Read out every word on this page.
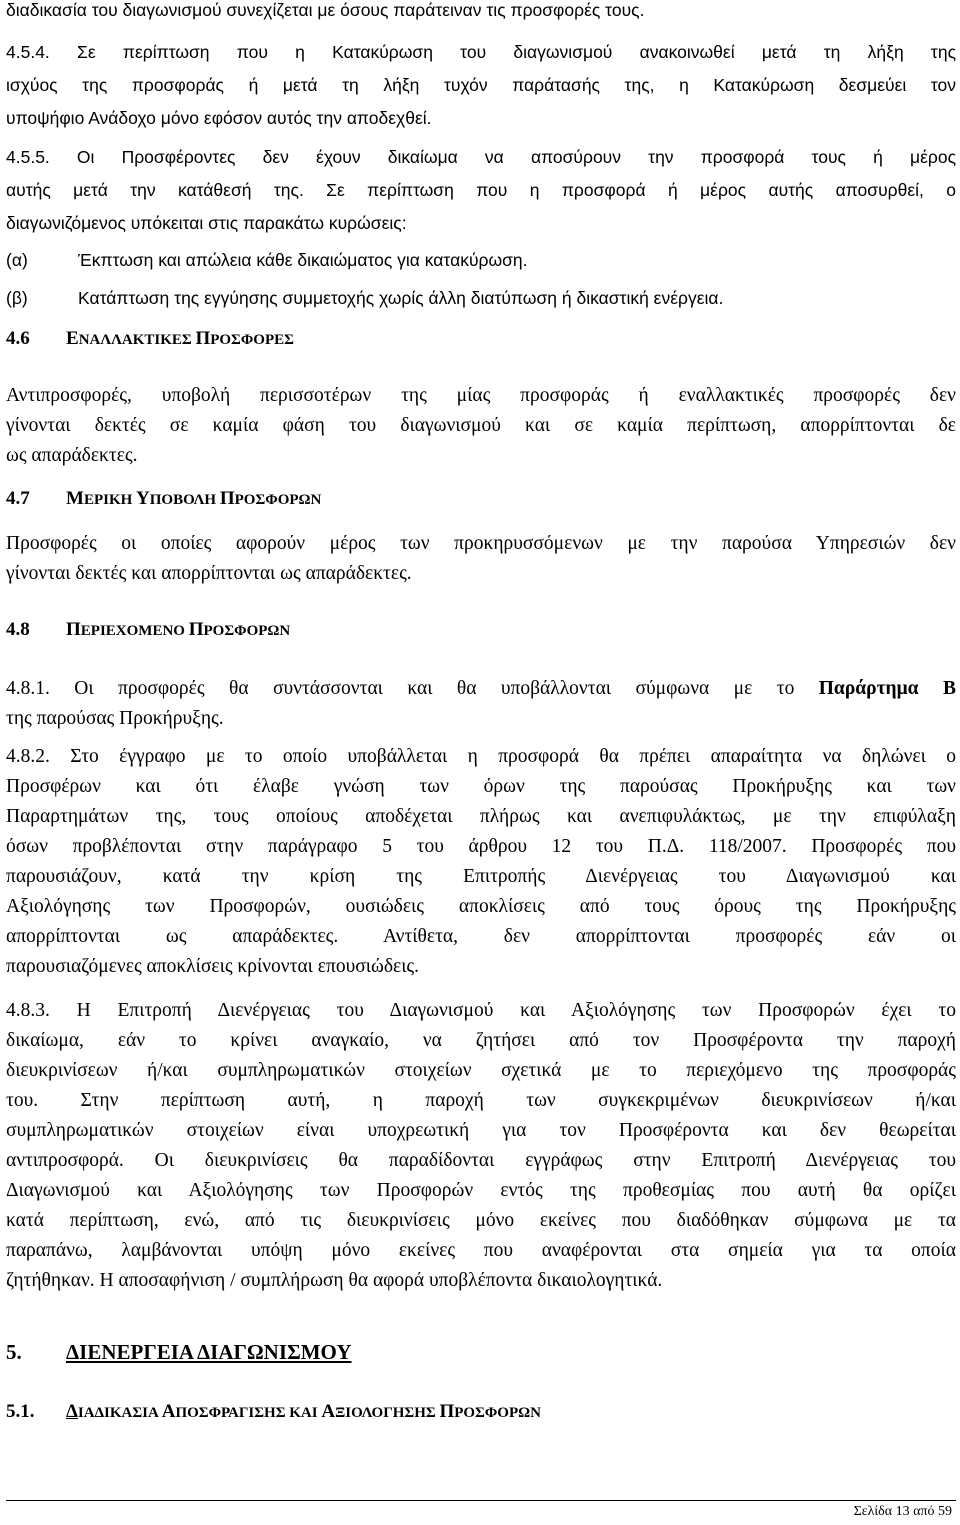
διαδικασία του διαγωνισμού συνεχίζεται με όσους παράτειναν τις προσφορές τους.

4.5.4. Σε περίπτωση που η Κατακύρωση του διαγωνισμού ανακοινωθεί μετά τη λήξη της
ισχύος της προσφοράς ή μετά τη λήξη τυχόν παράτασής της, η Κατακύρωση δεσμεύει τον
υποψήφιο Ανάδοχο μόνο εφόσον αυτός την αποδεχθεί.
4.5.5. Οι Προσφέροντες δεν έχουν δικαίωμα να αποσύρουν την προσφορά τους ή μέρος
αυτής μετά την κατάθεσή της. Σε περίπτωση που η προσφορά ή μέρος αυτής αποσυρθεί, ο
διαγωνιζόμενος υπόκειται στις παρακάτω κυρώσεις:
(α)	Έκπτωση και απώλεια κάθε δικαιώματος για κατακύρωση.
(β)	Κατάπτωση της εγγύησης συμμετοχής χωρίς άλλη διατύπωση ή δικαστική ενέργεια.
4.6 ΕΝΑΛΛΑΚΤΙΚΕΣ ΠΡΟΣΦΟΡΕΣ
Αντιπροσφορές, υποβολή περισσοτέρων της μίας προσφοράς ή εναλλακτικές προσφορές δεν
γίνονται δεκτές σε καμία φάση του διαγωνισμού και σε καμία περίπτωση, απορρίπτονται δε
ως απαράδεκτες.
4.7 ΜΕΡΙΚΗ ΥΠΟΒΟΛΗ ΠΡΟΣΦΟΡΩΝ
Προσφορές οι οποίες αφορούν μέρος των προκηρυσσόμενων με την παρούσα Υπηρεσιών δεν
γίνονται δεκτές και απορρίπτονται ως απαράδεκτες.
4.8 ΠΕΡΙΕΧΟΜΕΝΟ ΠΡΟΣΦΟΡΩΝ
4.8.1. Οι προσφορές θα συντάσσονται και θα υποβάλλονται σύμφωνα με το Παράρτημα Β
της παρούσας Προκήρυξης.
4.8.2. Στο έγγραφο με το οποίο υποβάλλεται η προσφορά θα πρέπει απαραίτητα να δηλώνει ο
Προσφέρων και ότι έλαβε γνώση των όρων της παρούσας Προκήρυξης και των
Παραρτημάτων της, τους οποίους αποδέχεται πλήρως και ανεπιφυλάκτως, με την επιφύλαξη
όσων προβλέπονται στην παράγραφο 5 του άρθρου 12 του Π.Δ. 118/2007. Προσφορές που
παρουσιάζουν, κατά την κρίση της Επιτροπής Διενέργειας του Διαγωνισμού και
Αξιολόγησης των Προσφορών, ουσιώδεις αποκλίσεις από τους όρους της Προκήρυξης
απορρίπτονται ως απαράδεκτες. Αντίθετα, δεν απορρίπτονται προσφορές εάν οι
παρουσιαζόμενες αποκλίσεις κρίνονται επουσιώδεις.
4.8.3. Η Επιτροπή Διενέργειας του Διαγωνισμού και Αξιολόγησης των Προσφορών έχει το
δικαίωμα, εάν το κρίνει αναγκαίο, να ζητήσει από τον Προσφέροντα την παροχή
διευκρινίσεων ή/και συμπληρωματικών στοιχείων σχετικά με το περιεχόμενο της προσφοράς
του. Στην περίπτωση αυτή, η παροχή των συγκεκριμένων διευκρινίσεων ή/και
συμπληρωματικών στοιχείων είναι υποχρεωτική για τον Προσφέροντα και δεν θεωρείται
αντιπροσφορά. Οι διευκρινίσεις θα παραδίδονται εγγράφως στην Επιτροπή Διενέργειας του
Διαγωνισμού και Αξιολόγησης των Προσφορών εντός της προθεσμίας που αυτή θα ορίζει
κατά περίπτωση, ενώ, από τις διευκρινίσεις μόνο εκείνες που διαδόθηκαν σύμφωνα με τα
παραπάνω, λαμβάνονται υπόψη μόνο εκείνες που αναφέρονται στα σημεία για τα οποία
ζητήθηκαν. Η αποσαφήνιση / συμπλήρωση θα αφορά υποβλέποντα δικαιολογητικά.
5. ΔΙΕΝΕΡΓΕΙΑ ΔΙΑΓΩΝΙΣΜΟΥ
5.1. ΔΙΑΔΙΚΑΣΙΑ ΑΠΟΣΦΡΑΓΙΣΗΣ ΚΑΙ ΑΞΙΟΛΟΓΗΣΗΣ ΠΡΟΣΦΟΡΩΝ
Σελίδα 13 από 59
